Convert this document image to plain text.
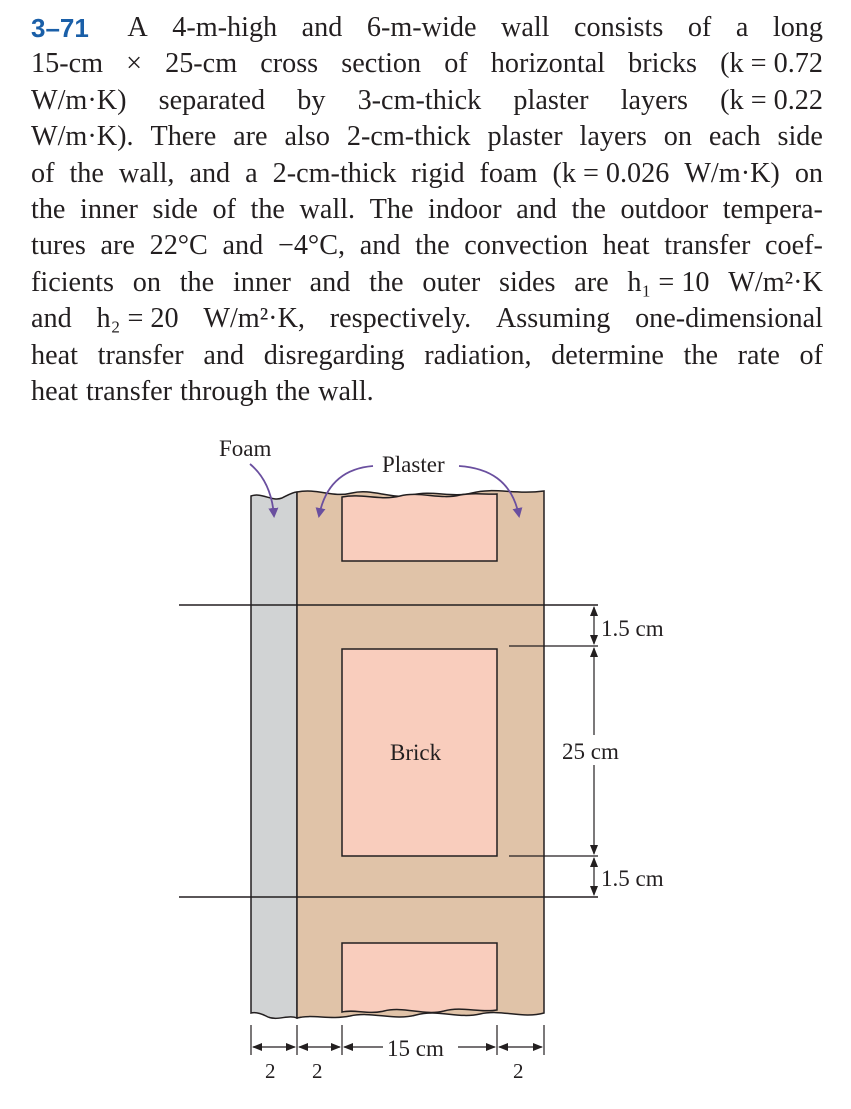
3–71 A 4-m-high and 6-m-wide wall consists of a long
15-cm × 25-cm cross section of horizontal bricks (k = 0.72
W/m·K) separated by 3-cm-thick plaster layers (k = 0.22
W/m·K). There are also 2-cm-thick plaster layers on each side
of the wall, and a 2-cm-thick rigid foam (k = 0.026 W/m·K) on
the inner side of the wall. The indoor and the outdoor tempera-
tures are 22°C and −4°C, and the convection heat transfer coef-
ficients on the inner and the outer sides are h₁ = 10 W/m²·K
and h₂ = 20 W/m²·K, respectively. Assuming one-dimensional
heat transfer and disregarding radiation, determine the rate of
heat transfer through the wall.
1.5 cm
25 cm
1.5 cm
15 cm
2 2	2
Foam
Plaster
Brick
